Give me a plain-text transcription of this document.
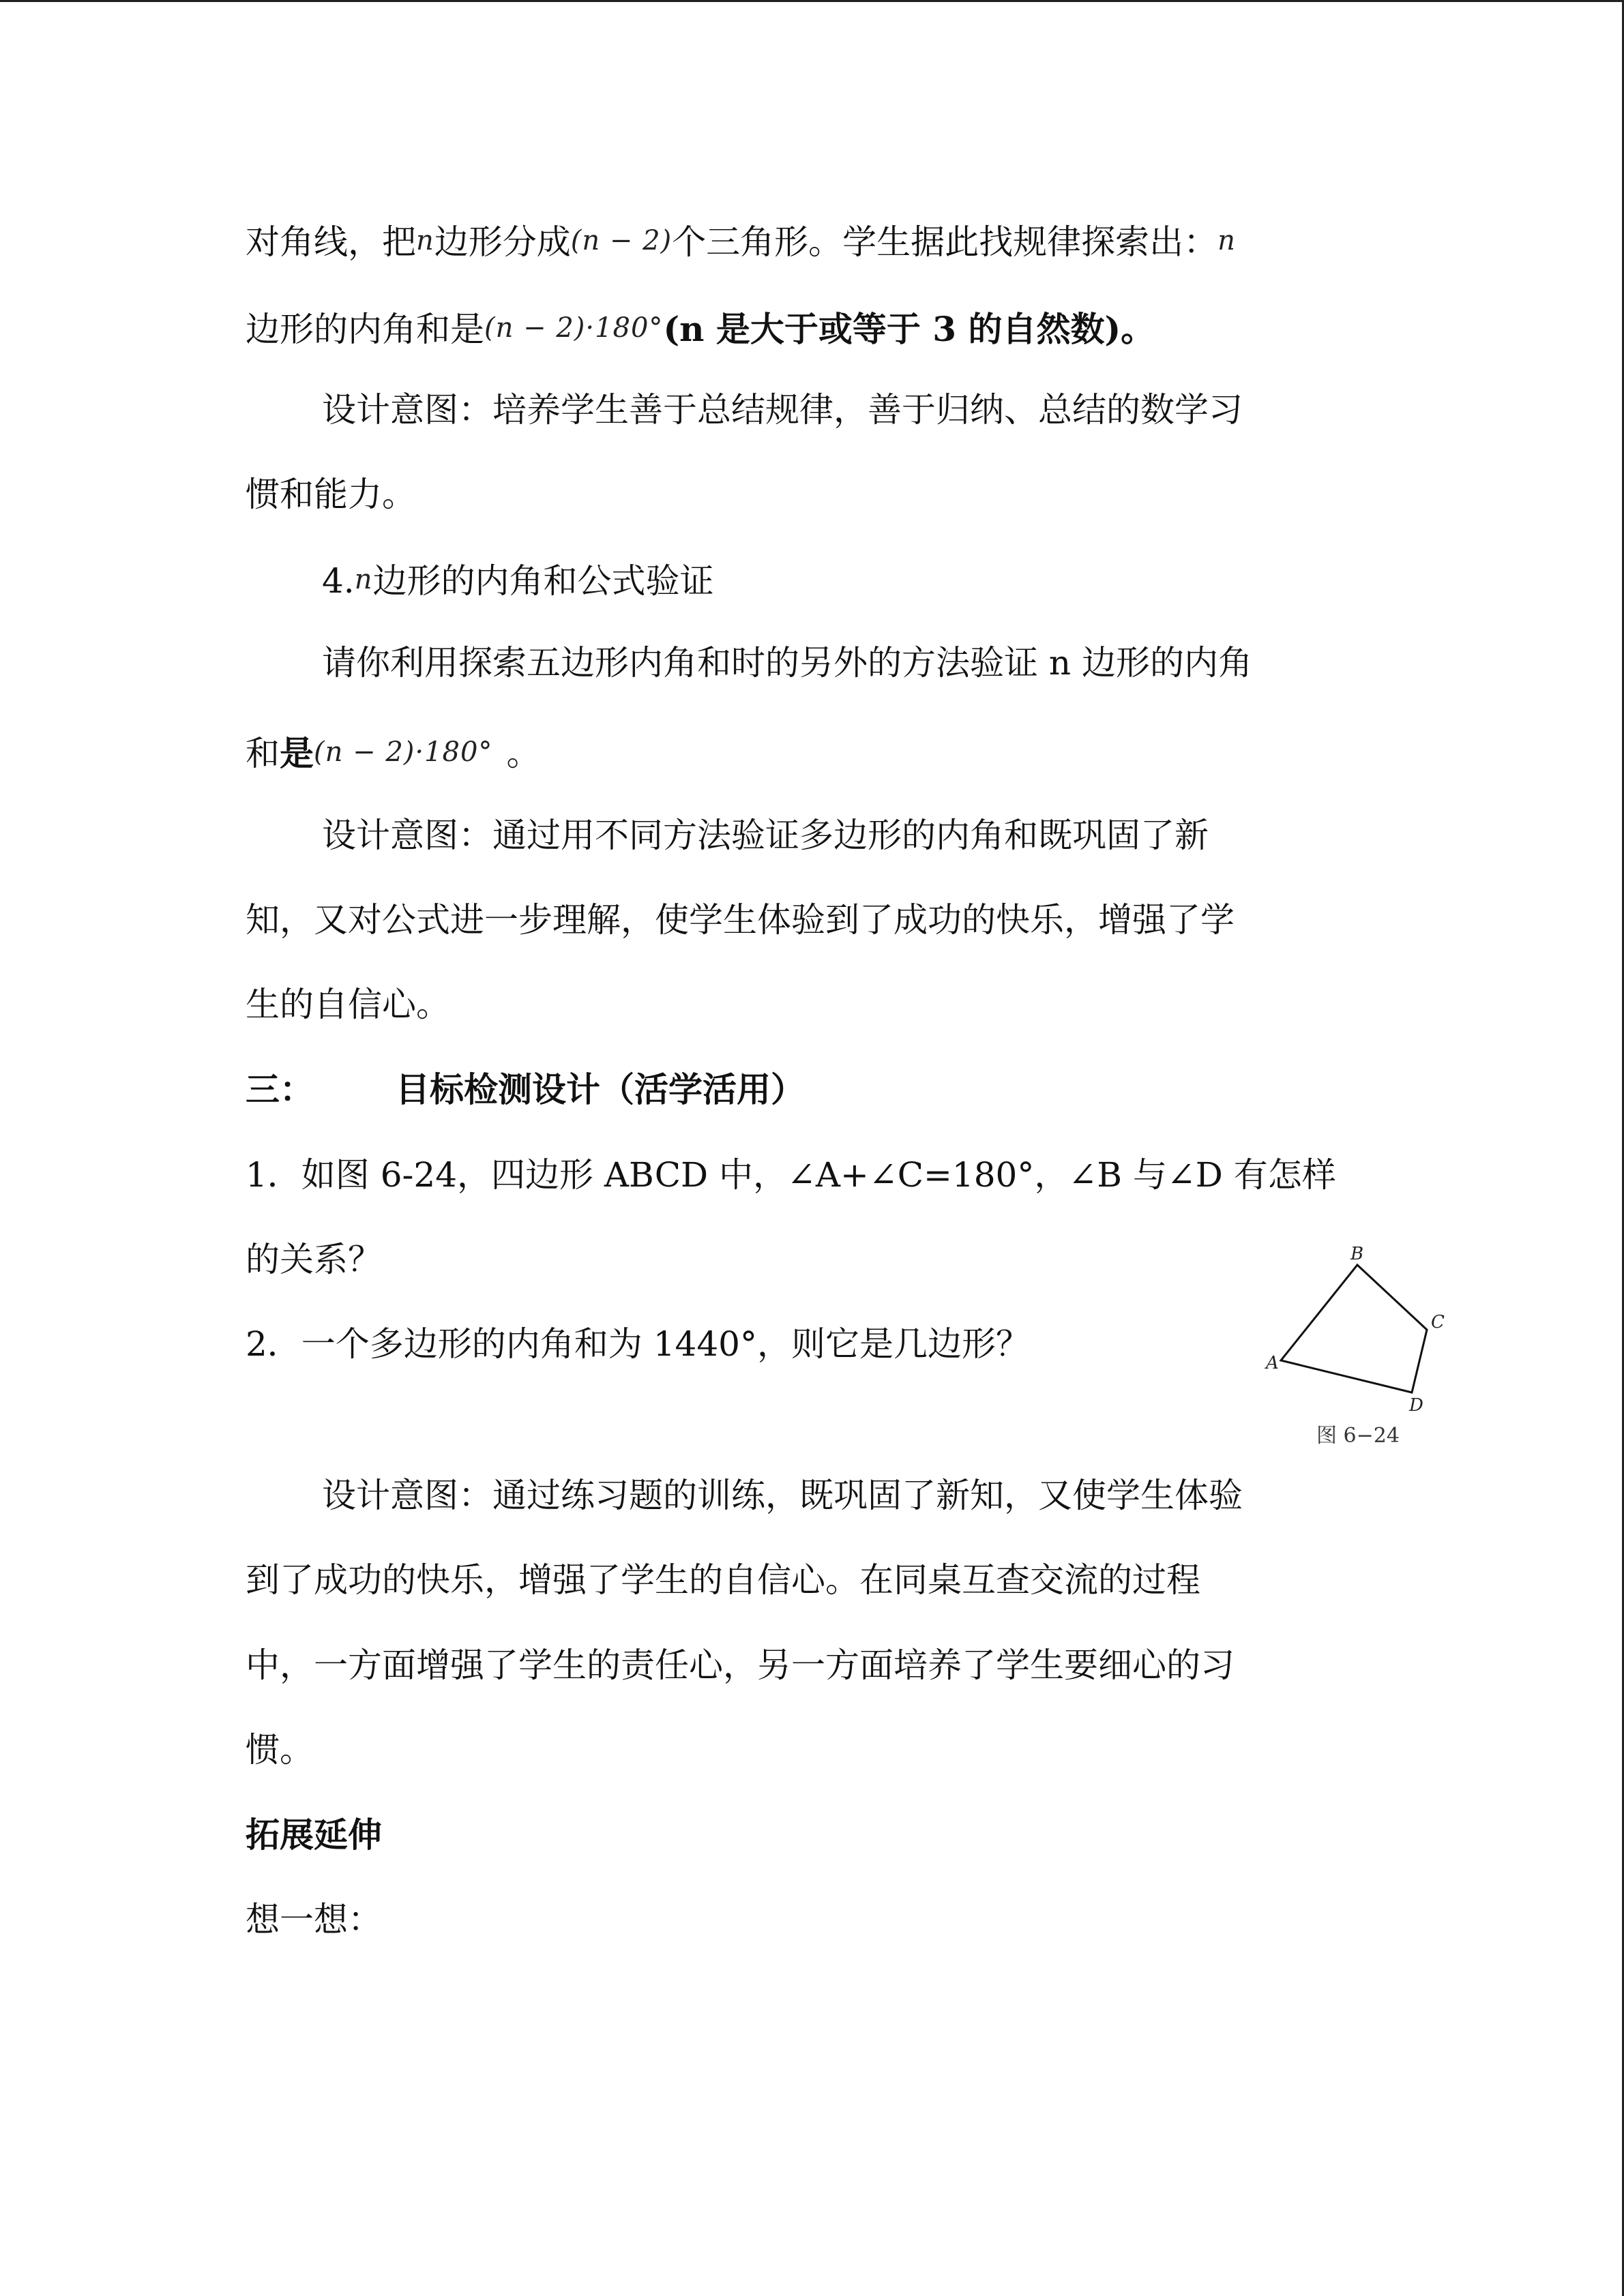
对角线，把n边形分成(n − 2)个三角形。学生据此找规律探索出：n
边形的内角和是(n − 2)·180°(n 是大于或等于 3 的自然数)。
设计意图：培养学生善于总结规律，善于归纳、总结的数学习
惯和能力。
4.n边形的内角和公式验证
请你利用探索五边形内角和时的另外的方法验证 n 边形的内角
和是(n − 2)·180° 。
设计意图：通过用不同方法验证多边形的内角和既巩固了新
知，又对公式进一步理解，使学生体验到了成功的快乐，增强了学
生的自信心。
三： 目标检测设计（活学活用）
1．如图 6-24，四边形 ABCD 中，∠A+∠C=180°，∠B 与∠D 有怎样
的关系？
2．一个多边形的内角和为 1440°，则它是几边形？	A
B
C
D
图 6−24
设计意图：通过练习题的训练，既巩固了新知，又使学生体验
到了成功的快乐，增强了学生的自信心。在同桌互查交流的过程
中，一方面增强了学生的责任心，另一方面培养了学生要细心的习
惯。
拓展延伸
想一想：
